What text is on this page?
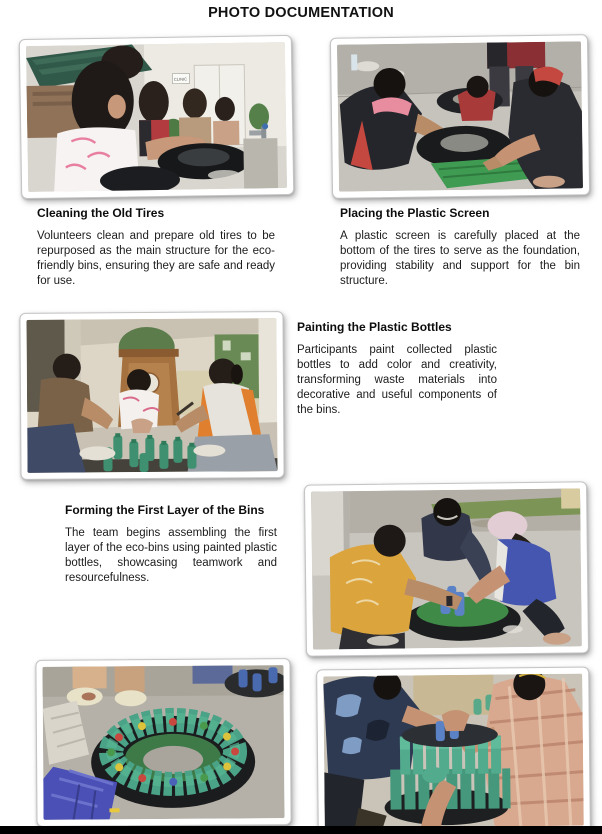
PHOTO DOCUMENTATION
CLINIC
Cleaning the Old Tires

Volunteers clean and prepare old tires to be repurposed as the main structure for the eco-friendly bins, ensuring they are safe and ready for use.

Placing the Plastic Screen

A plastic screen is carefully placed at the bottom of the tires to serve as the foundation, providing stability and support for the bin structure.

Painting the Plastic Bottles

Participants paint collected plastic bottles to add color and creativity, transforming waste materials into decorative and useful components of the bins.

Forming the First Layer of the Bins

The team begins assembling the first layer of the eco-bins using painted plastic bottles, showcasing teamwork and resourcefulness.
